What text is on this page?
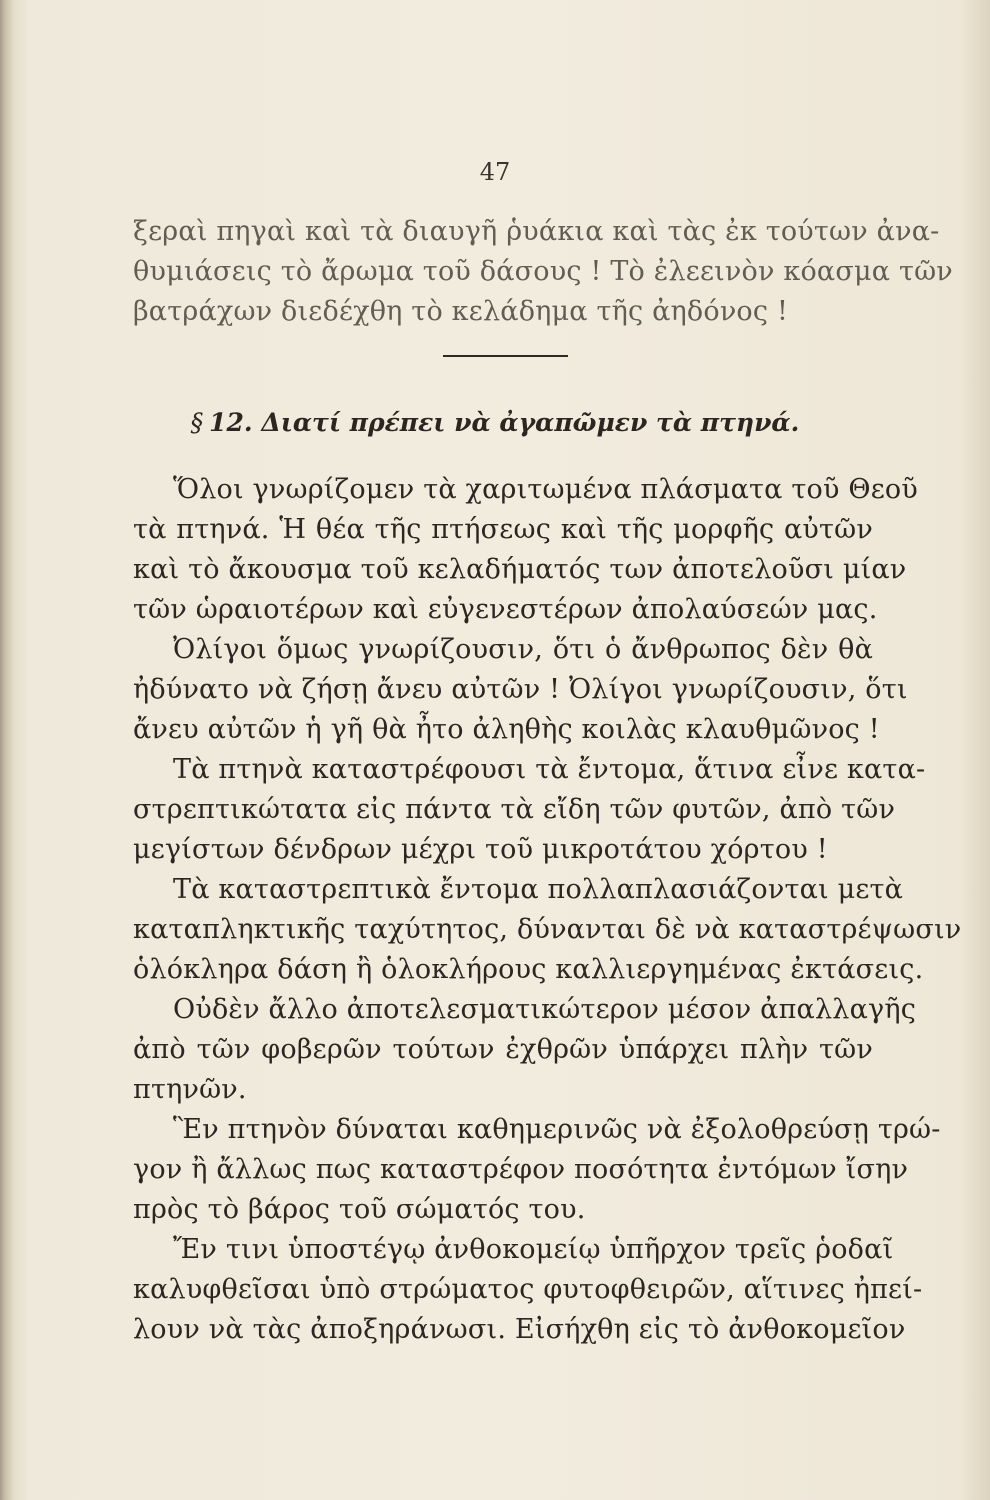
47
ξεραὶ πηγαὶ καὶ τὰ διαυγῆ ῥυάκια καὶ τὰς ἐκ τούτων ἀνα-
θυμιάσεις τὸ ἄρωμα τοῦ δάσους ! Τὸ ἐλεεινὸν κόασμα τῶν
βατράχων διεδέχθη τὸ κελάδημα τῆς ἀηδόνος !
§ 12. Διατί πρέπει νὰ ἀγαπῶμεν τὰ πτηνά.
Ὅλοι γνωρίζομεν τὰ χαριτωμένα πλάσματα τοῦ Θεοῦ
τὰ πτηνά. Ἡ θέα τῆς πτήσεως καὶ τῆς μορφῆς αὐτῶν
καὶ τὸ ἄκουσμα τοῦ κελαδήματός των ἀποτελοῦσι μίαν
τῶν ὡραιοτέρων καὶ εὐγενεστέρων ἀπολαύσεών μας.
Ὀλίγοι ὅμως γνωρίζουσιν, ὅτι ὁ ἄνθρωπος δὲν θὰ
ἠδύνατο νὰ ζήσῃ ἄνευ αὐτῶν ! Ὀλίγοι γνωρίζουσιν, ὅτι
ἄνευ αὐτῶν ἡ γῆ θὰ ἦτο ἀληθὴς κοιλὰς κλαυθμῶνος !
Τὰ πτηνὰ καταστρέφουσι τὰ ἔντομα, ἅτινα εἶνε κατα-
στρεπτικώτατα εἰς πάντα τὰ εἴδη τῶν φυτῶν, ἀπὸ τῶν
μεγίστων δένδρων μέχρι τοῦ μικροτάτου χόρτου !
Τὰ καταστρεπτικὰ ἔντομα πολλαπλασιάζονται μετὰ
καταπληκτικῆς ταχύτητος, δύνανται δὲ νὰ καταστρέψωσιν
ὁλόκληρα δάση ἢ ὁλοκλήρους καλλιεργημένας ἐκτάσεις.
Οὐδὲν ἄλλο ἀποτελεσματικώτερον μέσον ἀπαλλαγῆς
ἀπὸ τῶν φοβερῶν τούτων ἐχθρῶν ὑπάρχει πλὴν τῶν
πτηνῶν.
Ἓν πτηνὸν δύναται καθημερινῶς νὰ ἐξολοθρεύσῃ τρώ-
γον ἢ ἄλλως πως καταστρέφον ποσότητα ἐντόμων ἴσην
πρὸς τὸ βάρος τοῦ σώματός του.
Ἔν τινι ὑποστέγῳ ἀνθοκομείῳ ὑπῆρχον τρεῖς ῥοδαῖ
καλυφθεῖσαι ὑπὸ στρώματος φυτοφθειρῶν, αἵτινες ἠπεί-
λουν νὰ τὰς ἀποξηράνωσι. Εἰσήχθη εἰς τὸ ἀνθοκομεῖον
